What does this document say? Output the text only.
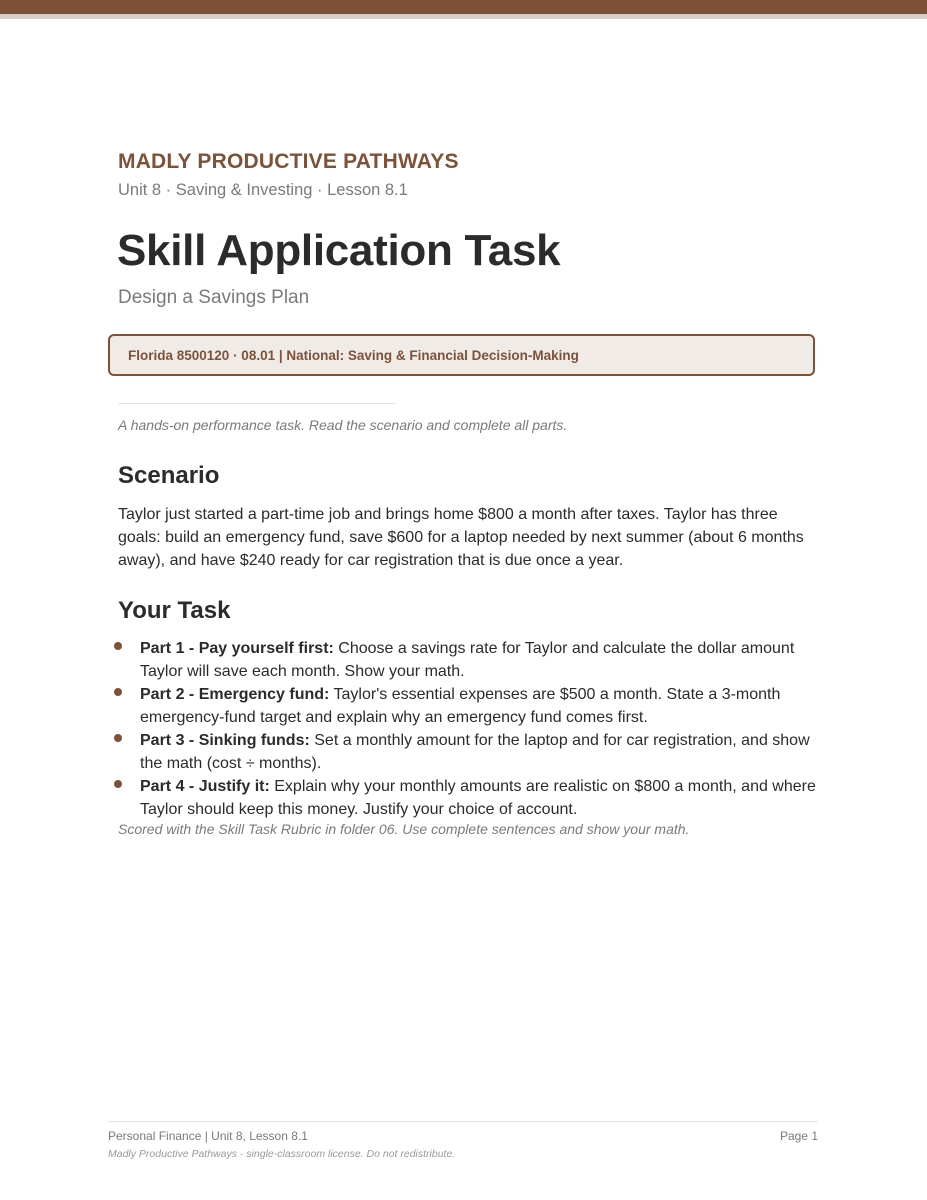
MADLY PRODUCTIVE PATHWAYS
Unit 8 · Saving & Investing · Lesson 8.1
Skill Application Task
Design a Savings Plan
Florida 8500120 · 08.01 | National: Saving & Financial Decision-Making
A hands-on performance task. Read the scenario and complete all parts.
Scenario
Taylor just started a part-time job and brings home $800 a month after taxes. Taylor has three goals: build an emergency fund, save $600 for a laptop needed by next summer (about 6 months away), and have $240 ready for car registration that is due once a year.
Your Task
Part 1 - Pay yourself first: Choose a savings rate for Taylor and calculate the dollar amount Taylor will save each month. Show your math.
Part 2 - Emergency fund: Taylor's essential expenses are $500 a month. State a 3-month emergency-fund target and explain why an emergency fund comes first.
Part 3 - Sinking funds: Set a monthly amount for the laptop and for car registration, and show the math (cost ÷ months).
Part 4 - Justify it: Explain why your monthly amounts are realistic on $800 a month, and where Taylor should keep this money. Justify your choice of account.
Scored with the Skill Task Rubric in folder 06. Use complete sentences and show your math.
Personal Finance | Unit 8, Lesson 8.1	Page 1
Madly Productive Pathways - single-classroom license. Do not redistribute.
